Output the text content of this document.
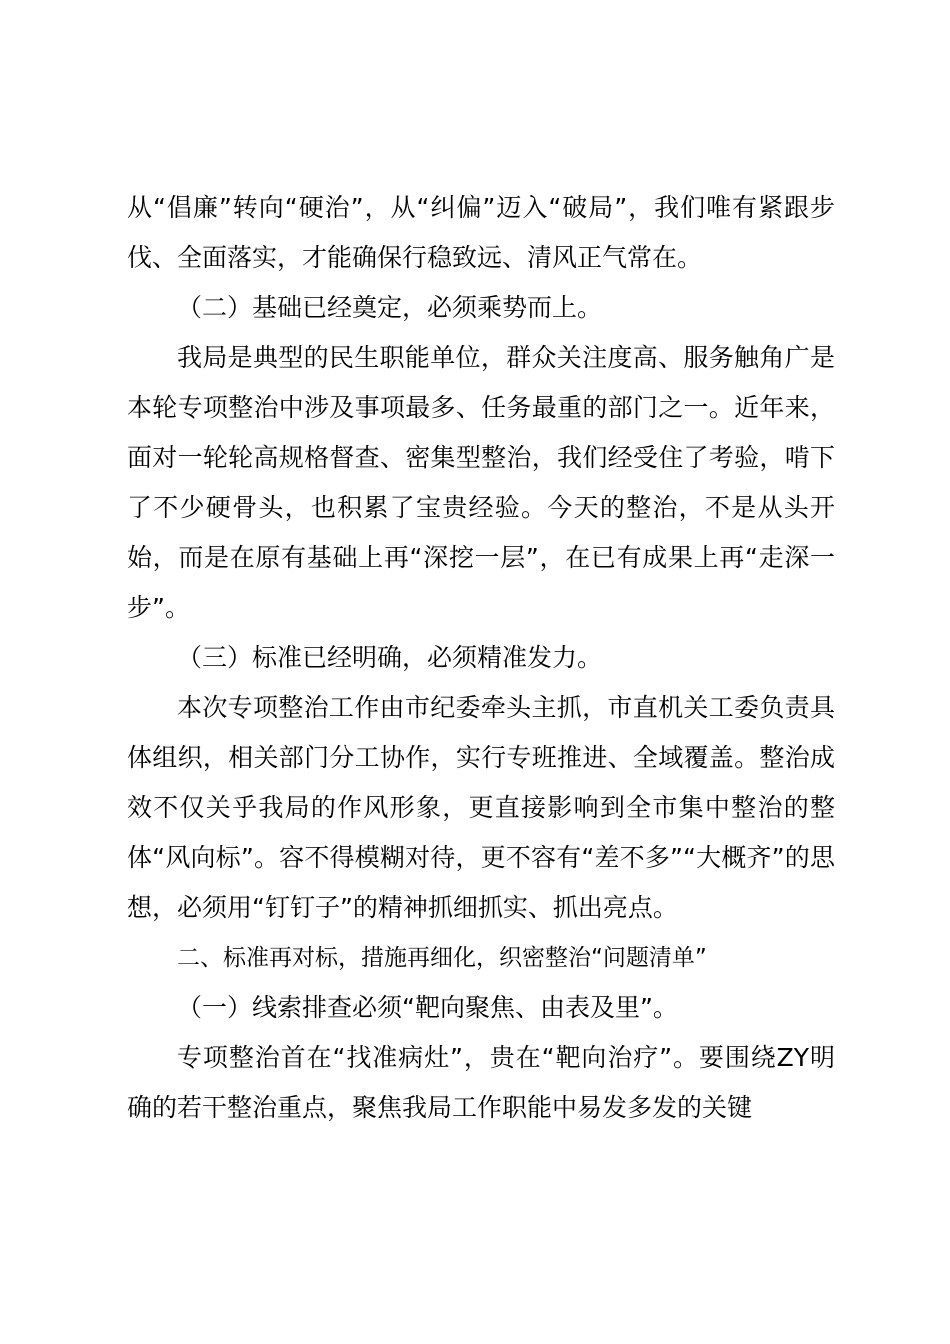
从“倡廉”转向“硬治”，从“纠偏”迈入“破局”，我们唯有紧跟步伐、全面落实，才能确保行稳致远、清风正气常在。

（二）基础已经奠定，必须乘势而上。

我局是典型的民生职能单位，群众关注度高、服务触角广是本轮专项整治中涉及事项最多、任务最重的部门之一。近年来，面对一轮轮高规格督查、密集型整治，我们经受住了考验，啃下了不少硬骨头，也积累了宝贵经验。今天的整治，不是从头开始，而是在原有基础上再“深挖一层”，在已有成果上再“走深一步”。

（三）标准已经明确，必须精准发力。

本次专项整治工作由市纪委牵头主抓，市直机关工委负责具体组织，相关部门分工协作，实行专班推进、全域覆盖。整治成效不仅关乎我局的作风形象，更直接影响到全市集中整治的整体“风向标”。容不得模糊对待，更不容有“差不多”“大概齐”的思想，必须用“钉钉子”的精神抓细抓实、抓出亮点。

二、标准再对标，措施再细化，织密整治“问题清单”

（一）线索排查必须“靶向聚焦、由表及里”。

专项整治首在“找准病灶”，贵在“靶向治疗”。要围绕ZY明确的若干整治重点，聚焦我局工作职能中易发多发的关键
